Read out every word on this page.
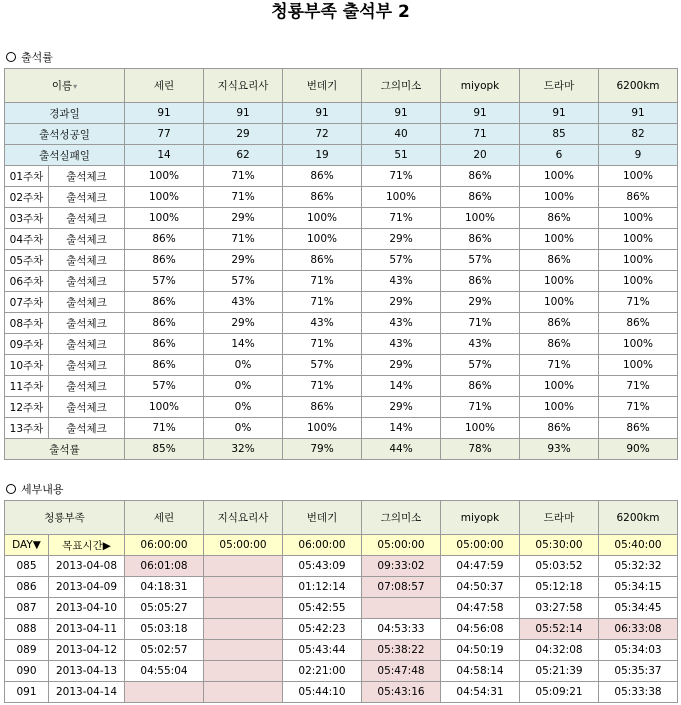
청룡부족 출석부 2
출석률
이름▾		세린	지식요리사	번데기	그의미소	miyopk	드라마	6200km
경과일		91	91	91	91	91	91	91
출석성공일		77	29	72	40	71	85	82
출석실패일		14	62	19	51	20	6	9
01주차	출석체크	100%	71%	86%	71%	86%	100%	100%
02주차	출석체크	100%	71%	86%	100%	86%	100%	86%
03주차	출석체크	100%	29%	100%	71%	100%	86%	100%
04주차	출석체크	86%	71%	100%	29%	86%	100%	100%
05주차	출석체크	86%	29%	86%	57%	57%	86%	100%
06주차	출석체크	57%	57%	71%	43%	86%	100%	100%
07주차	출석체크	86%	43%	71%	29%	29%	100%	71%
08주차	출석체크	86%	29%	43%	43%	71%	86%	86%
09주차	출석체크	86%	14%	71%	43%	43%	86%	100%
10주차	출석체크	86%	0%	57%	29%	57%	71%	100%
11주차	출석체크	57%	0%	71%	14%	86%	100%	71%
12주차	출석체크	100%	0%	86%	29%	71%	100%	71%
13주차	출석체크	71%	0%	100%	14%	100%	86%	86%
출석률		85%	32%	79%	44%	78%	93%	90%
세부내용
청룡부족		세린	지식요리사	번데기	그의미소	miyopk	드라마	6200km
DAY▼	목표시간▶	06:00:00	05:00:00	06:00:00	05:00:00	05:00:00	05:30:00	05:40:00
085	2013-04-08	06:01:08		05:43:09	09:33:02	04:47:59	05:03:52	05:32:32
086	2013-04-09	04:18:31		01:12:14	07:08:57	04:50:37	05:12:18	05:34:15
087	2013-04-10	05:05:27		05:42:55		04:47:58	03:27:58	05:34:45
088	2013-04-11	05:03:18		05:42:23	04:53:33	04:56:08	05:52:14	06:33:08
089	2013-04-12	05:02:57		05:43:44	05:38:22	04:50:19	04:32:08	05:34:03
090	2013-04-13	04:55:04		02:21:00	05:47:48	04:58:14	05:21:39	05:35:37
091	2013-04-14			05:44:10	05:43:16	04:54:31	05:09:21	05:33:38
